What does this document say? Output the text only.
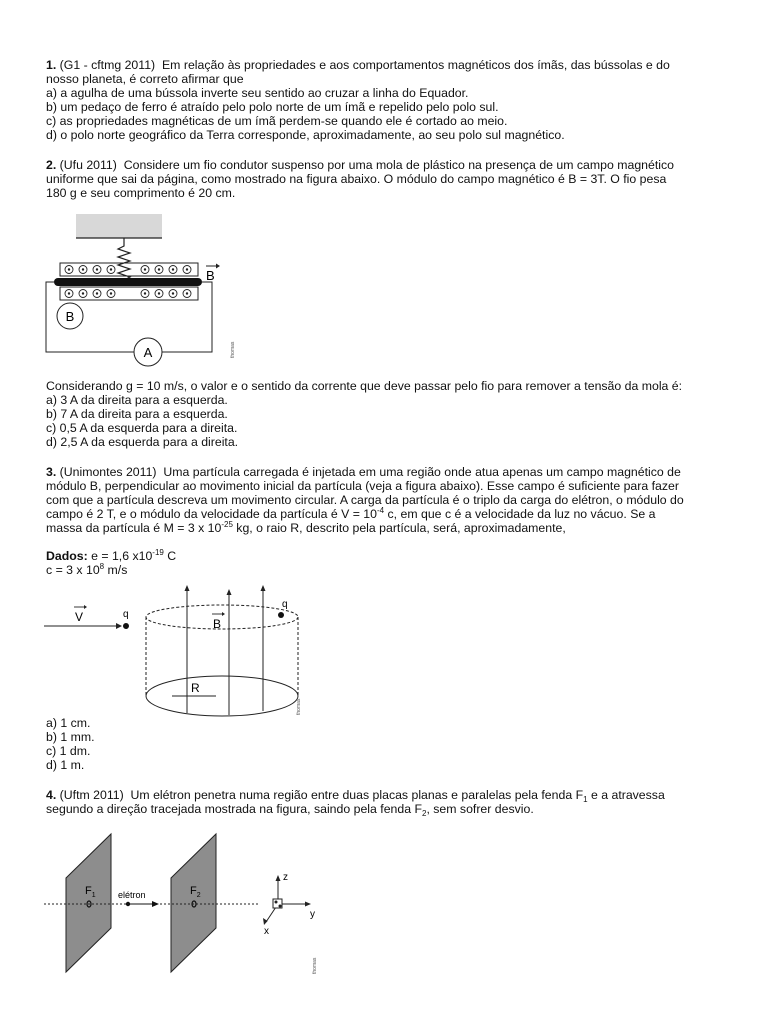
1. (G1 - cftmg 2011) Em relação às propriedades e aos comportamentos magnéticos dos ímãs, das bússolas e do
nosso planeta, é correto afirmar que
a) a agulha de uma bússola inverte seu sentido ao cruzar a linha do Equador.
b) um pedaço de ferro é atraído pelo polo norte de um ímã e repelido pelo polo sul.
c) as propriedades magnéticas de um ímã perdem-se quando ele é cortado ao meio.
d) o polo norte geográfico da Terra corresponde, aproximadamente, ao seu polo sul magnético.
2. (Ufu 2011) Considere um fio condutor suspenso por uma mola de plástico na presença de um campo magnético
uniforme que sai da página, como mostrado na figura abaixo. O módulo do campo magnético é B = 3T. O fio pesa
180 g e seu comprimento é 20 cm.
B
A
B
thomas
Considerando g = 10 m/s, o valor e o sentido da corrente que deve passar pelo fio para remover a tensão da mola é:
a) 3 A da direita para a esquerda.
b) 7 A da direita para a esquerda.
c) 0,5 A da esquerda para a direita.
d) 2,5 A da esquerda para a direita.
3. (Unimontes 2011) Uma partícula carregada é injetada em uma região onde atua apenas um campo magnético de
módulo B, perpendicular ao movimento inicial da partícula (veja a figura abaixo). Esse campo é suficiente para fazer
com que a partícula descreva um movimento circular. A carga da partícula é o triplo da carga do elétron, o módulo do
campo é 2 T, e o módulo da velocidade da partícula é $V = 10^{-4}$ c, em que c é a velocidade da luz no vácuo. Se a
massa da partícula é M = 3 x $10^{-25}$ kg, o raio R, descrito pela partícula, será, aproximadamente,
Dados: e = 1,6 $x10^{-19}$ C
c = 3 x $10^8$ m/s
V	q
R
B
q
thomas
a) 1 cm.
b) 1 mm.
c) 1 dm.
d) 1 m.
4. (Uftm 2011) Um elétron penetra numa região entre duas placas planas e paralelas pela fenda $F_1$ e a atravessa
segundo a direção tracejada mostrada na figura, saindo pela fenda $F_2$, sem sofrer desvio.
$F_1$	$F_2$
elétron
z
y
x
thomas
